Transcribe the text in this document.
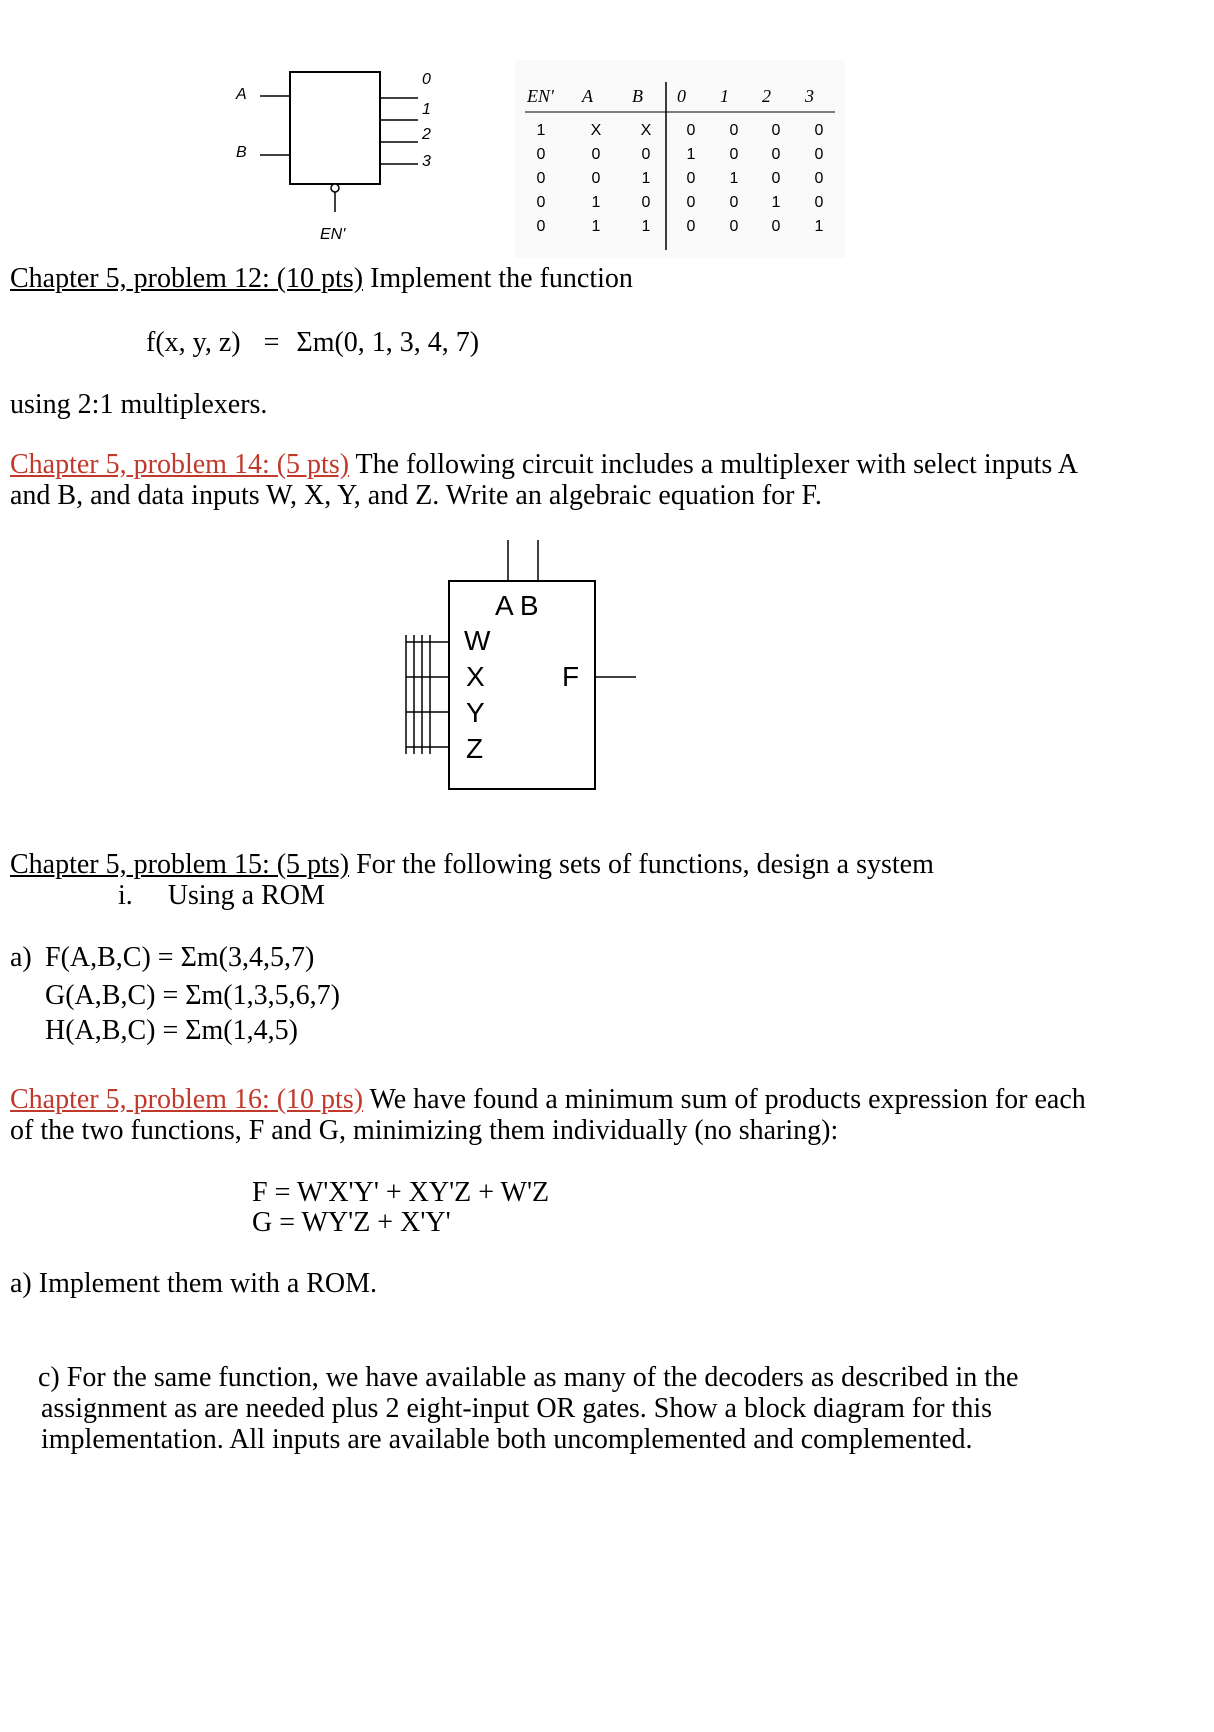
A
B
0
1
2
3
EN'
EN' A B 0 1 2 3
1	X	X	0	0	0	0
0	0	0	1	0	0	0
0	0	1	0	1	0	0
0	1	0	0	0	1	0
0	1	1	0	0	0	1
Chapter 5, problem 12: (10 pts) Implement the function
f(x, y, z) = Σm(0, 1, 3, 4, 7)
using 2:1 multiplexers.
Chapter 5, problem 14: (5 pts) The following circuit includes a multiplexer with select inputs A
and B, and data inputs W, X, Y, and Z. Write an algebraic equation for F.
A B
W
X
Y
Z
F
Chapter 5, problem 15: (5 pts) For the following sets of functions, design a system
i. Using a ROM
a) F(A,B,C) = Σm(3,4,5,7)
G(A,B,C) = Σm(1,3,5,6,7)
H(A,B,C) = Σm(1,4,5)
Chapter 5, problem 16: (10 pts) We have found a minimum sum of products expression for each
of the two functions, F and G, minimizing them individually (no sharing):
F = W'X'Y' + XY'Z + W'Z
G = WY'Z + X'Y'
a) Implement them with a ROM.
c) For the same function, we have available as many of the decoders as described in the
assignment as are needed plus 2 eight-input OR gates. Show a block diagram for this
implementation. All inputs are available both uncomplemented and complemented.
